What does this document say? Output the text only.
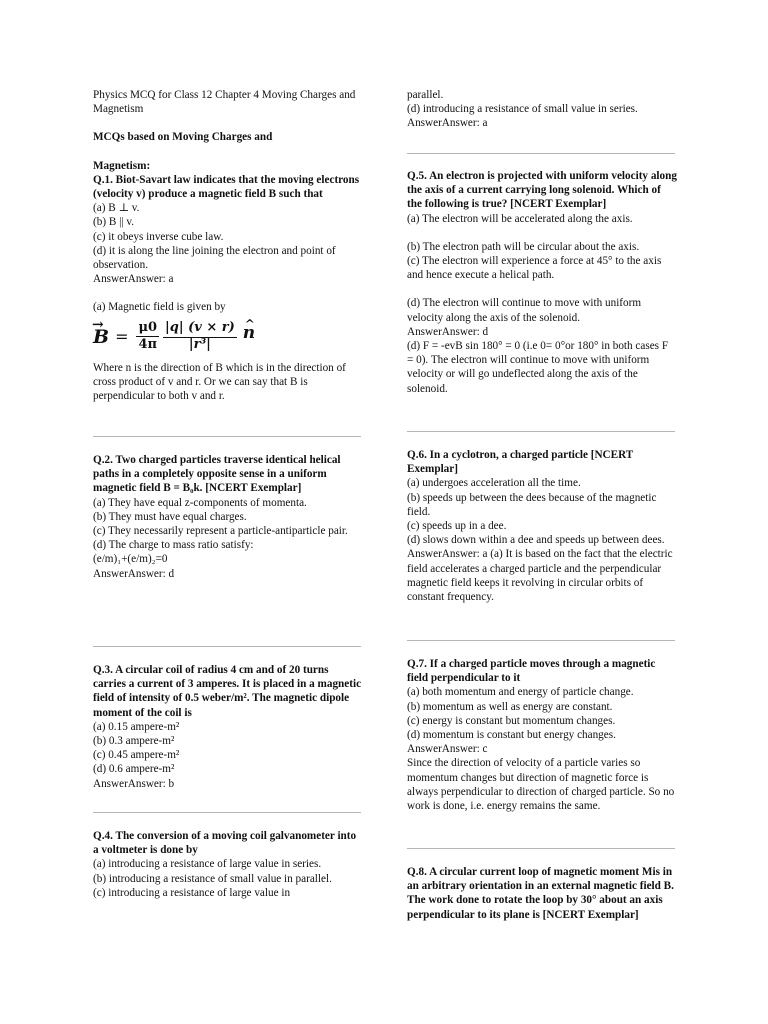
Physics MCQ for Class 12 Chapter 4 Moving Charges and Magnetism

MCQs based on Moving Charges and

Magnetism:

Q.1. Biot-Savart law indicates that the moving electrons (velocity v) produce a magnetic field B such that

(a) B ⊥ v.

(b) B || v.

(c) it obeys inverse cube law.

(d) it is along the line joining the electron and point of observation.

AnswerAnswer: a

(a) Magnetic field is given by

→ $B = \frac{\mu 0}{4\pi} |q|$ (v × r)
|r³|
^ n

Where n is the direction of B which is in the direction of cross product of v and r. Or we can say that B is perpendicular to both v and r.

Q.2. Two charged particles traverse identical helical paths in a completely opposite sense in a uniform magnetic field B = B₀k. [NCERT Exemplar]

(a) They have equal z-components of momenta.

(b) They must have equal charges.

(c) They necessarily represent a particle-antiparticle pair.

(d) The charge to mass ratio satisfy:

(e/m)₁+(e/m)₂=0

AnswerAnswer: d

Q.3. A circular coil of radius 4 cm and of 20 turns carries a current of 3 amperes. It is placed in a magnetic field of intensity of 0.5 weber/m². The magnetic dipole moment of the coil is

(a) 0.15 ampere-m²

(b) 0.3 ampere-m²

(c) 0.45 ampere-m²

(d) 0.6 ampere-m²

AnswerAnswer: b

Q.4. The conversion of a moving coil galvanometer into a voltmeter is done by

(a) introducing a resistance of large value in series.

(b) introducing a resistance of small value in parallel.

(c) introducing a resistance of large value in

parallel.

(d) introducing a resistance of small value in series.

AnswerAnswer: a

Q.5. An electron is projected with uniform velocity along the axis of a current carrying long solenoid. Which of the following is true? [NCERT Exemplar]

(a) The electron will be accelerated along the axis.

(b) The electron path will be circular about the axis.

(c) The electron will experience a force at 45° to the axis and hence execute a helical path.

(d) The electron will continue to move with uniform velocity along the axis of the solenoid.

AnswerAnswer: d

(d) F = -evB sin 180° = 0 (i.e 0= 0°or 180° in both cases F = 0). The electron will continue to move with uniform velocity or will go undeflected along the axis of the solenoid.

Q.6. In a cyclotron, a charged particle [NCERT Exemplar]

(a) undergoes acceleration all the time.

(b) speeds up between the dees because of the magnetic field.

(c) speeds up in a dee.

(d) slows down within a dee and speeds up between dees.

AnswerAnswer: a (a) It is based on the fact that the electric field accelerates a charged particle and the perpendicular magnetic field keeps it revolving in circular orbits of constant frequency.

Q.7. If a charged particle moves through a magnetic field perpendicular to it

(a) both momentum and energy of particle change.

(b) momentum as well as energy are constant.

(c) energy is constant but momentum changes.

(d) momentum is constant but energy changes.

AnswerAnswer: c

Since the direction of velocity of a particle varies so momentum changes but direction of magnetic force is always perpendicular to direction of charged particle. So no work is done, i.e. energy remains the same.

Q.8. A circular current loop of magnetic moment Mis in an arbitrary orientation in an external magnetic field B. The work done to rotate the loop by 30° about an axis perpendicular to its plane is [NCERT Exemplar]
